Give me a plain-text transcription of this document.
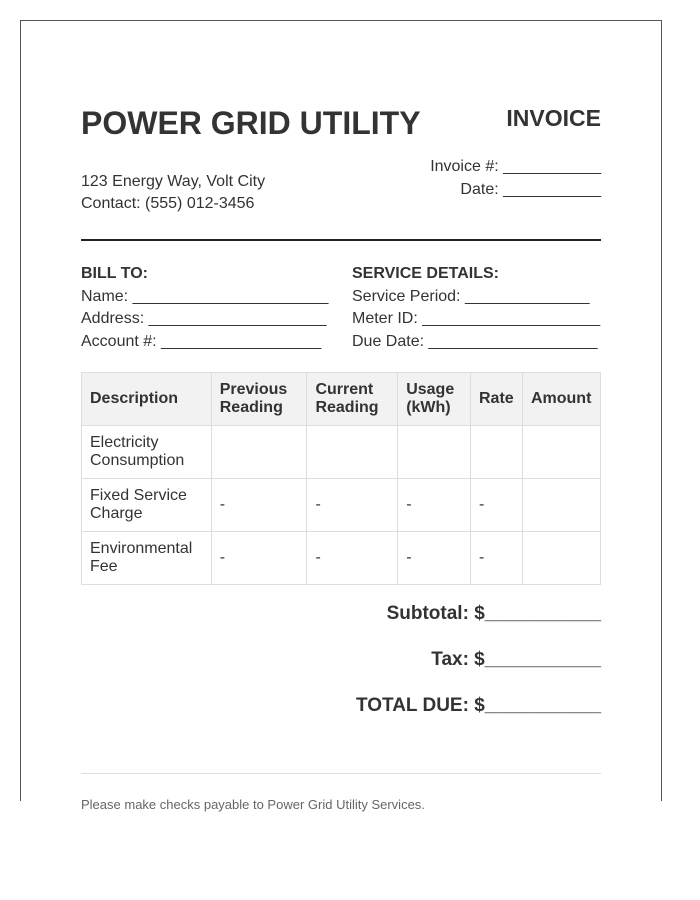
POWER GRID UTILITY	INVOICE
123 Energy Way, Volt City
Contact: (555) 012-3456
Invoice #: ___________
Date: ___________
BILL TO:
Name: ______________________
Address: ____________________
Account #: __________________
SERVICE DETAILS:
Service Period: ______________
Meter ID: ____________________
Due Date: ___________________
Description	Previous Reading	Current Reading	Usage (kWh)	Rate	Amount
Electricity Consumption					
Fixed Service Charge	-	-	-	-	
Environmental Fee	-	-	-	-	
Subtotal: $___________
Tax: $___________
TOTAL DUE: $___________
Please make checks payable to Power Grid Utility Services.
